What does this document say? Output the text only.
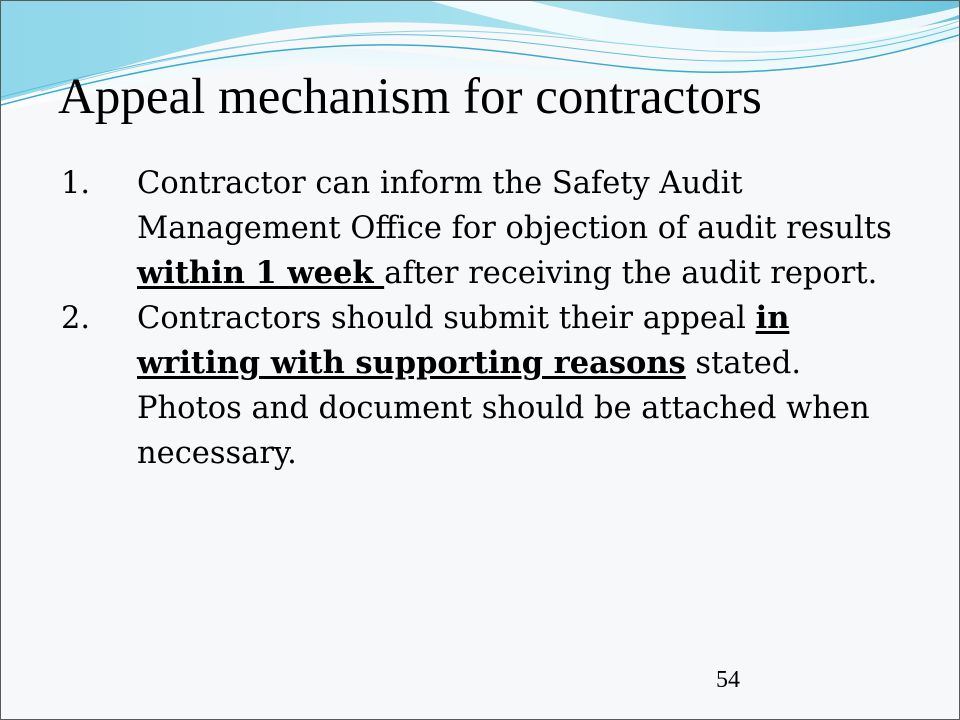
Appeal mechanism for contractors
1. Contractor can inform the Safety Audit Management Office for objection of audit results within 1 week after receiving the audit report.
2. Contractors should submit their appeal in writing with supporting reasons stated. Photos and document should be attached when necessary.
54
